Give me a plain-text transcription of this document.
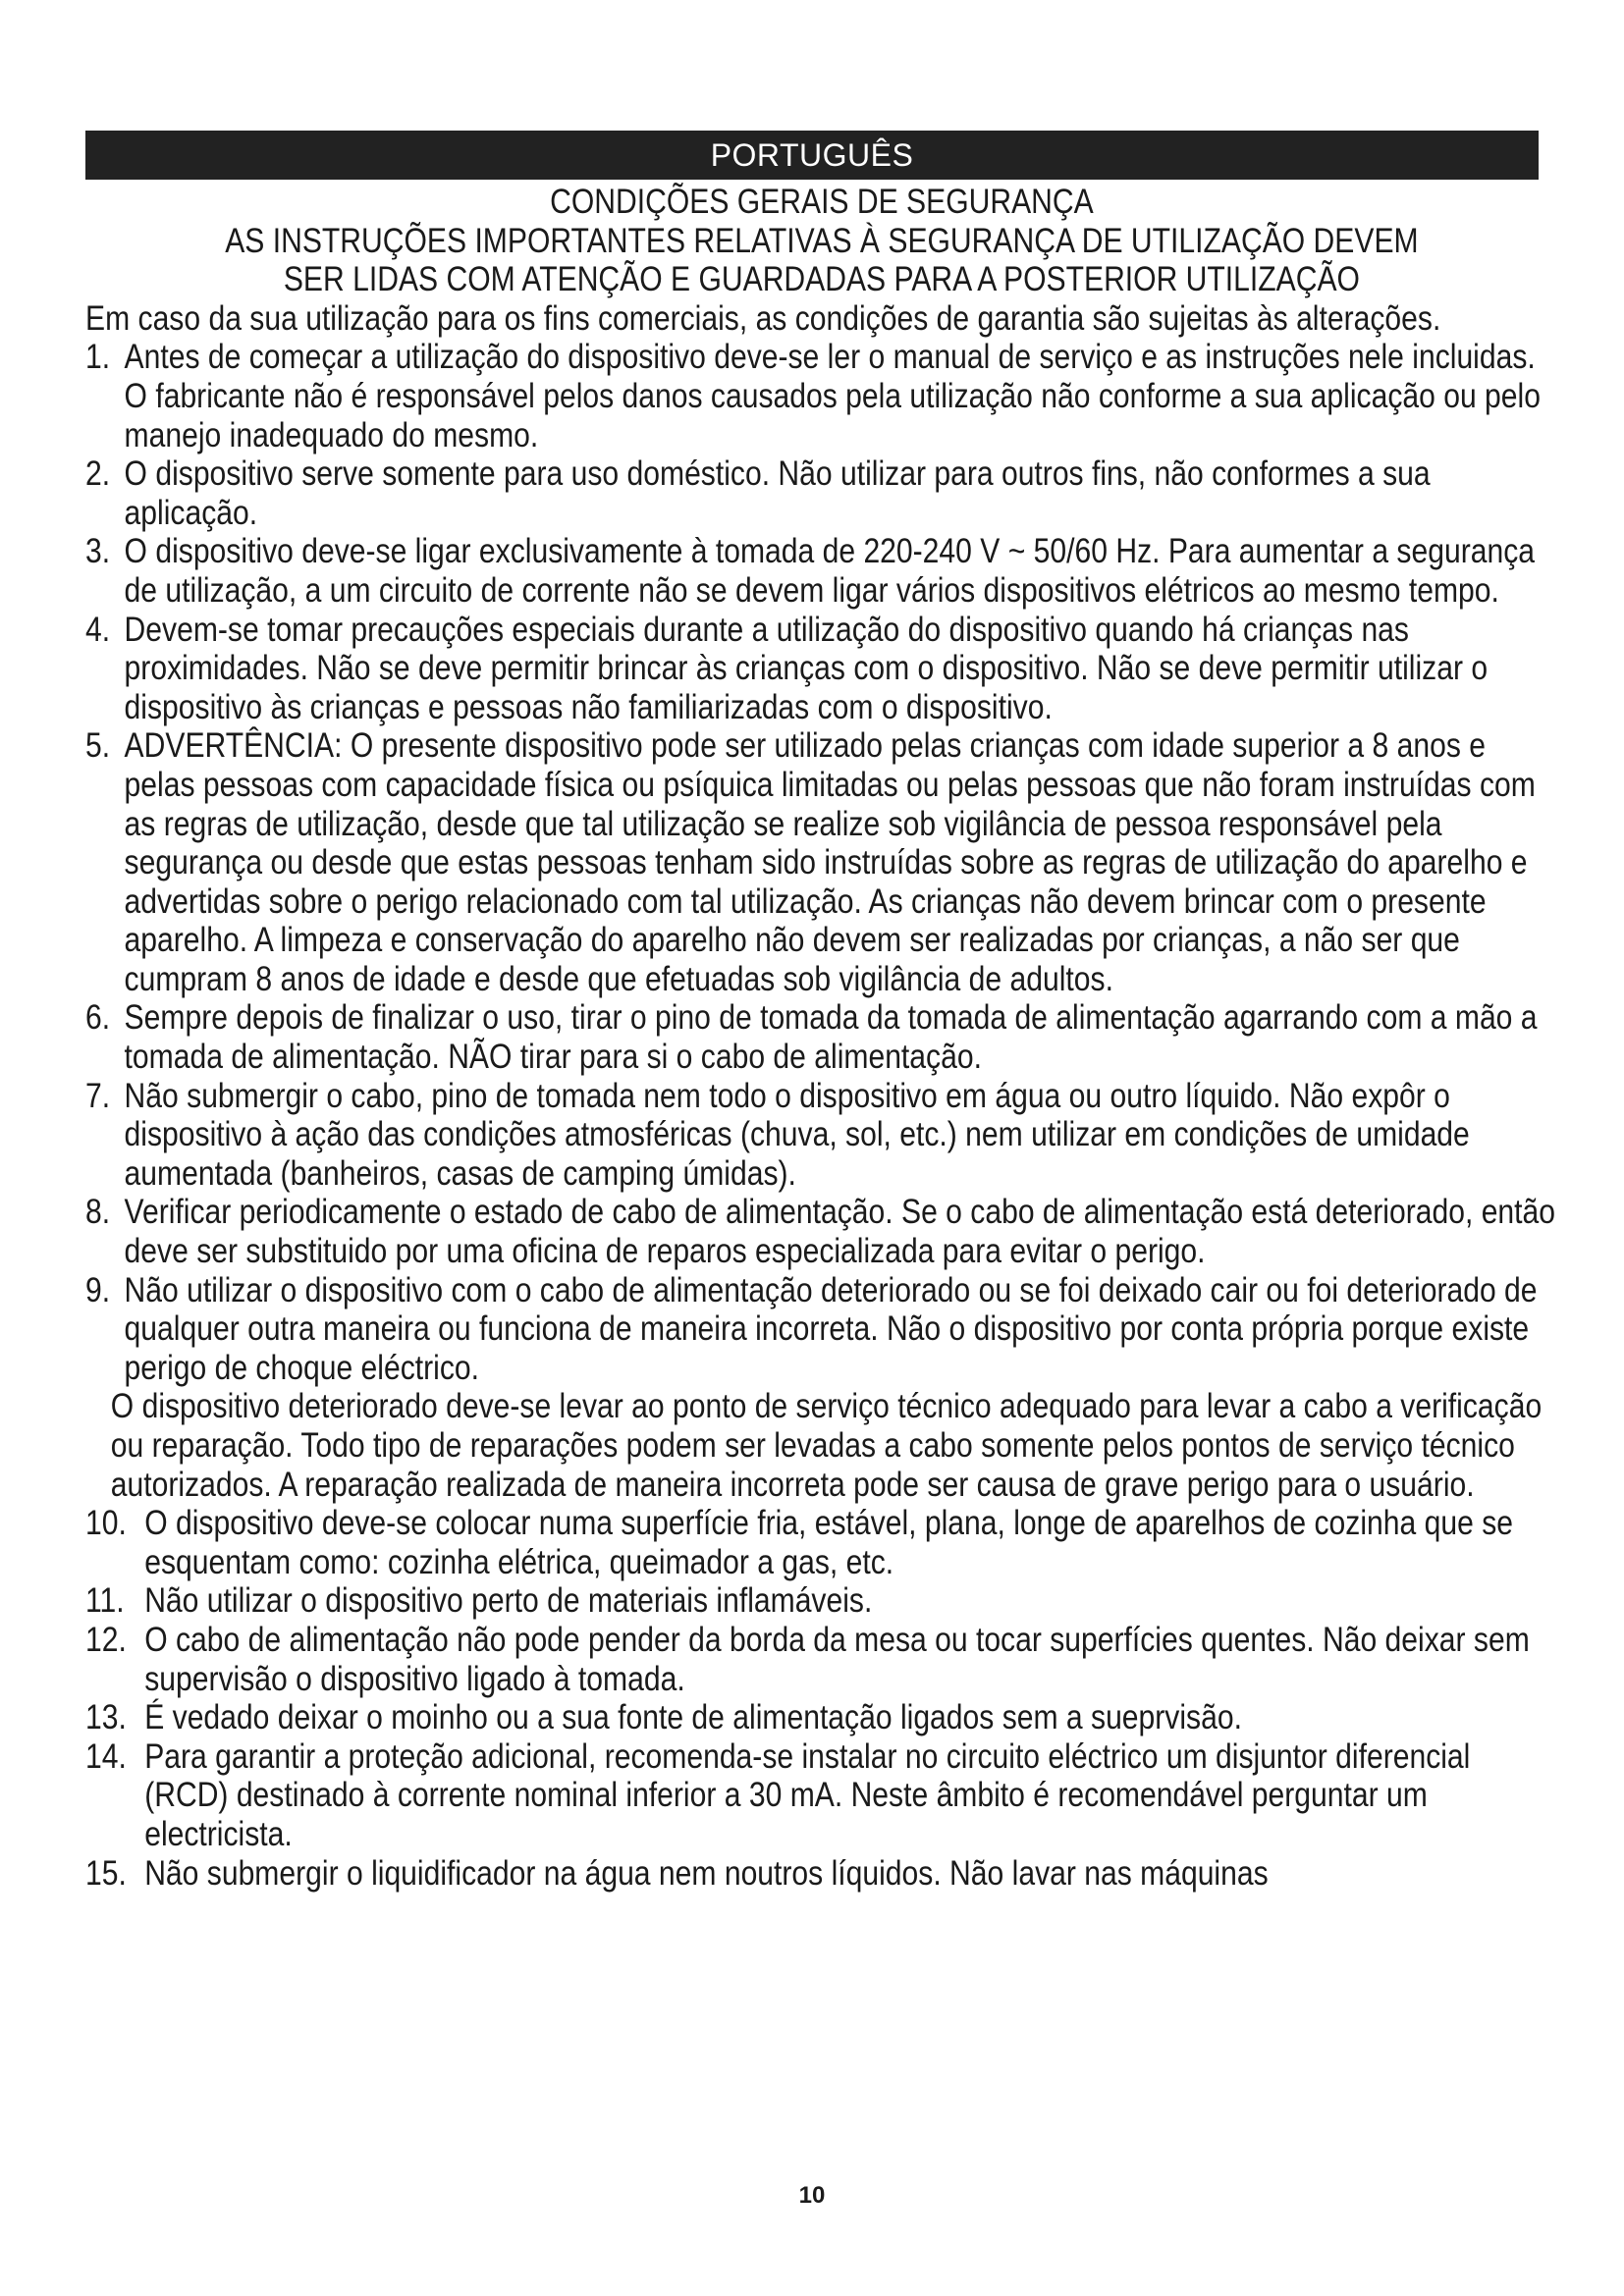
PORTUGUÊS
CONDIÇÕES GERAIS DE SEGURANÇA
AS INSTRUÇÕES IMPORTANTES RELATIVAS À SEGURANÇA DE UTILIZAÇÃO DEVEM
SER LIDAS COM ATENÇÃO E GUARDADAS PARA A POSTERIOR UTILIZAÇÃO
Em caso da sua utilização para os fins comerciais, as condições de garantia são sujeitas às alterações.
1. Antes de começar a utilização do dispositivo deve-se ler o manual de serviço e as instruções nele incluidas. O fabricante não é responsável pelos danos causados pela utilização não conforme a sua aplicação ou pelo manejo inadequado do mesmo.
2. O dispositivo serve somente para uso doméstico. Não utilizar para outros fins, não conformes a sua aplicação.
3. O dispositivo deve-se ligar exclusivamente à tomada de 220-240 V ~ 50/60 Hz. Para aumentar a segurança de utilização, a um circuito de corrente não se devem ligar vários dispositivos elétricos ao mesmo tempo.
4. Devem-se tomar precauções especiais durante a utilização do dispositivo quando há crianças nas proximidades. Não se deve permitir brincar às crianças com o dispositivo. Não se deve permitir utilizar o dispositivo às crianças e pessoas não familiarizadas com o dispositivo.
5. ADVERTÊNCIA: O presente dispositivo pode ser utilizado pelas crianças com idade superior a 8 anos e pelas pessoas com capacidade física ou psíquica limitadas ou pelas pessoas que não foram instruídas com as regras de utilização, desde que tal utilização se realize sob vigilância de pessoa responsável pela segurança ou desde que estas pessoas tenham sido instruídas sobre as regras de utilização do aparelho e advertidas sobre o perigo relacionado com tal utilização. As crianças não devem brincar com o presente aparelho. A limpeza e conservação do aparelho não devem ser realizadas por crianças, a não ser que cumpram 8 anos de idade e desde que efetuadas sob vigilância de adultos.
6. Sempre depois de finalizar o uso, tirar o pino de tomada da tomada de alimentação agarrando com a mão a tomada de alimentação. NÃO tirar para si o cabo de alimentação.
7. Não submergir o cabo, pino de tomada nem todo o dispositivo em água ou outro líquido. Não expôr o dispositivo à ação das condições atmosféricas (chuva, sol, etc.) nem utilizar em condições de umidade aumentada (banheiros, casas de camping úmidas).
8. Verificar periodicamente o estado de cabo de alimentação. Se o cabo de alimentação está deteriorado, então deve ser substituido por uma oficina de reparos especializada para evitar o perigo.
9. Não utilizar o dispositivo com o cabo de alimentação deteriorado ou se foi deixado cair ou foi deteriorado de qualquer outra maneira ou funciona de maneira incorreta. Não o dispositivo por conta própria porque existe perigo de choque eléctrico.
O dispositivo deteriorado deve-se levar ao ponto de serviço técnico adequado para levar a cabo a verificação ou reparação. Todo tipo de reparações podem ser levadas a cabo somente pelos pontos de serviço técnico autorizados. A reparação realizada de maneira incorreta pode ser causa de grave perigo para o usuário.
10. O dispositivo deve-se colocar numa superfície fria, estável, plana, longe de aparelhos de cozinha que se esquentam como: cozinha elétrica, queimador a gas, etc.
11. Não utilizar o dispositivo perto de materiais inflamáveis.
12. O cabo de alimentação não pode pender da borda da mesa ou tocar superfícies quentes. Não deixar sem supervisão o dispositivo ligado à tomada.
13. É vedado deixar o moinho ou a sua fonte de alimentação ligados sem a sueprvisão.
14. Para garantir a proteção adicional, recomenda-se instalar no circuito eléctrico um disjuntor diferencial (RCD) destinado à corrente nominal inferior a 30 mA. Neste âmbito é recomendável perguntar um electricista.
15. Não submergir o liquidificador na água nem noutros líquidos. Não lavar nas máquinas
10
